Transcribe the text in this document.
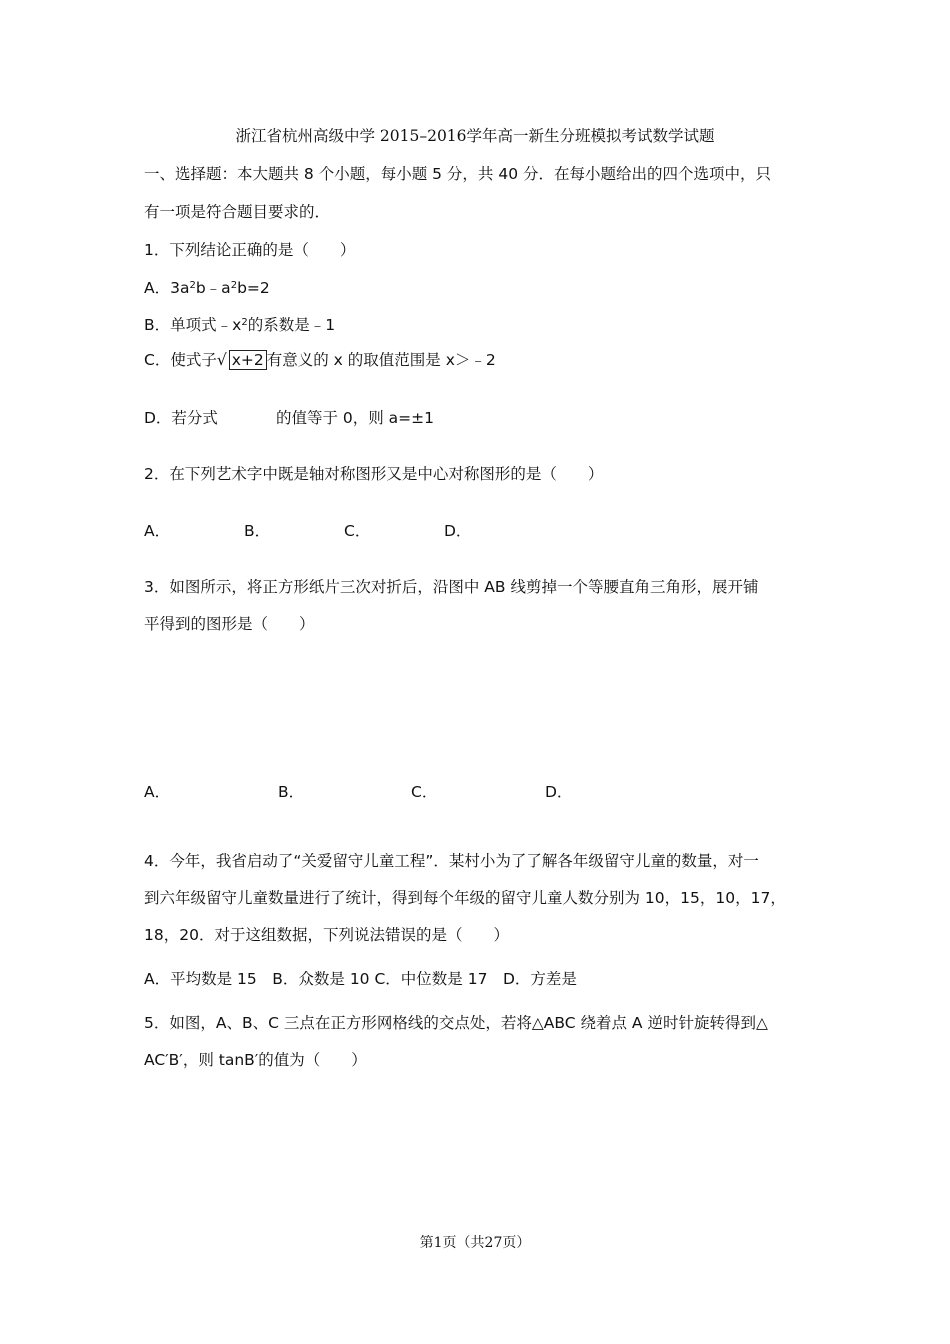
浙江省杭州高级中学 2015–2016学年高一新生分班模拟考试数学试题
一、选择题：本大题共 8 个小题，每小题 5 分，共 40 分．在每小题给出的四个选项中，只
有一项是符合题目要求的．
1．下列结论正确的是（　　）
A．$3a^2b﹣a^2b=2$
B．单项式$﹣x^2$的系数是﹣1
C．使式子√ x+2 有意义的 x 的取值范围是 x＞﹣2
D．若分式	的值等于 0，则 a=±1
2．在下列艺术字中既是轴对称图形又是中心对称图形的是（　　）
A．	B．	C．	D．
3．如图所示，将正方形纸片三次对折后，沿图中 AB 线剪掉一个等腰直角三角形，展开铺
平得到的图形是（　　）
A．	B．	C．	D．
4．今年，我省启动了“关爱留守儿童工程”．某村小为了了解各年级留守儿童的数量，对一
到六年级留守儿童数量进行了统计，得到每个年级的留守儿童人数分别为 10，15，10，17，
18，20．对于这组数据，下列说法错误的是（　　）
A．平均数是 15　B．众数是 10 C．中位数是 17　D．方差是
5．如图，A、B、C 三点在正方形网格线的交点处，若将△ABC 绕着点 A 逆时针旋转得到△
AC′B′，则 tanB′的值为（　　）
第1页（共27页）
